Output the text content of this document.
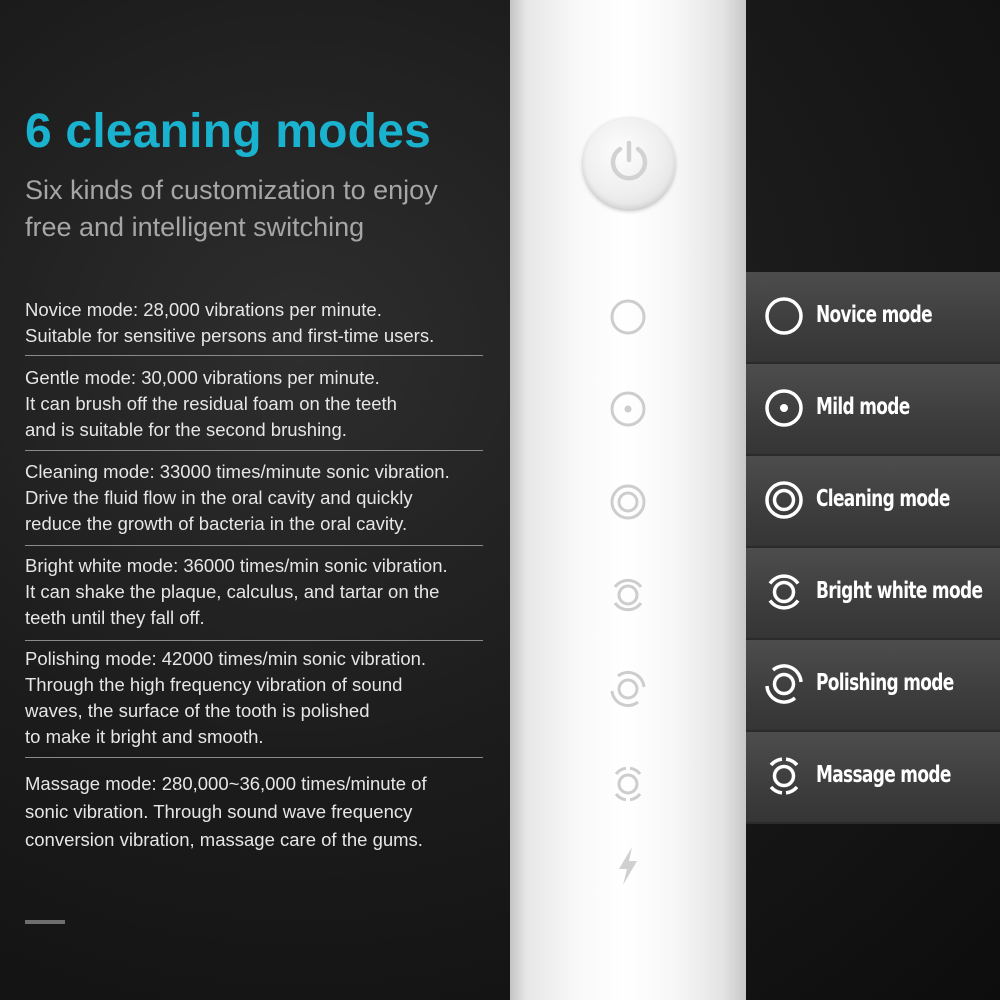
6 cleaning modes

Six kinds of customization to enjoy
free and intelligent switching

Novice mode: 28,000 vibrations per minute.
Suitable for sensitive persons and first-time users.
Gentle mode: 30,000 vibrations per minute.
It can brush off the residual foam on the teeth
and is suitable for the second brushing.
Cleaning mode: 33000 times/minute sonic vibration.
Drive the fluid flow in the oral cavity and quickly
reduce the growth of bacteria in the oral cavity.
Bright white mode: 36000 times/min sonic vibration.
It can shake the plaque, calculus, and tartar on the
teeth until they fall off.
Polishing mode: 42000 times/min sonic vibration.
Through the high frequency vibration of sound
waves, the surface of the tooth is polished
to make it bright and smooth.
Massage mode: 280,000~36,000 times/minute of
sonic vibration. Through sound wave frequency
conversion vibration, massage care of the gums.
Novice mode
Mild mode
Cleaning mode
Bright white mode
Polishing mode
Massage mode
